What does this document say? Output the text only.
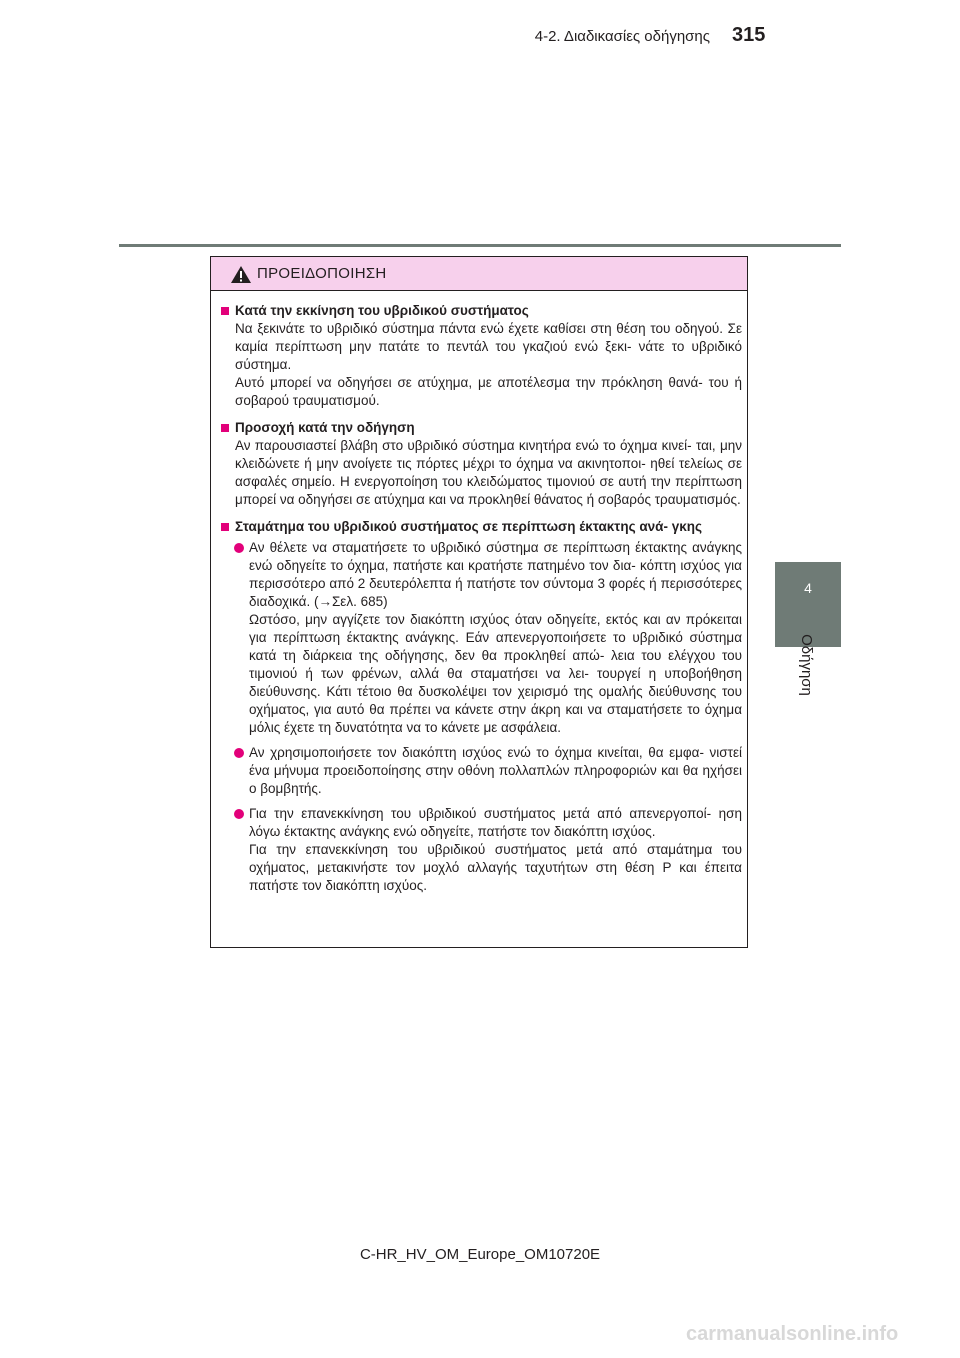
4-2. Διαδικασίες οδήγησης 315
4
Οδήγηση
ΠΡΟΕΙΔΟΠΟΙΗΣΗ
Κατά την εκκίνηση του υβριδικού συστήματος
Να ξεκινάτε το υβριδικό σύστημα πάντα ενώ έχετε καθίσει στη θέση του οδηγού. Σε καμία περίπτωση μην πατάτε το πεντάλ του γκαζιού ενώ ξεκι- νάτε το υβριδικό σύστημα.
Αυτό μπορεί να οδηγήσει σε ατύχημα, με αποτέλεσμα την πρόκληση θανά- του ή σοβαρού τραυματισμού.
Προσοχή κατά την οδήγηση
Αν παρουσιαστεί βλάβη στο υβριδικό σύστημα κινητήρα ενώ το όχημα κινεί- ται, μην κλειδώνετε ή μην ανοίγετε τις πόρτες μέχρι το όχημα να ακινητοποι- ηθεί τελείως σε ασφαλές σημείο. Η ενεργοποίηση του κλειδώματος τιμονιού σε αυτή την περίπτωση μπορεί να οδηγήσει σε ατύχημα και να προκληθεί θάνατος ή σοβαρός τραυματισμός.
Σταμάτημα του υβριδικού συστήματος σε περίπτωση έκτακτης ανά- γκης
Αν θέλετε να σταματήσετε το υβριδικό σύστημα σε περίπτωση έκτακτης ανάγκης ενώ οδηγείτε το όχημα, πατήστε και κρατήστε πατημένο τον δια- κόπτη ισχύος για περισσότερο από 2 δευτερόλεπτα ή πατήστε τον σύντομα 3 φορές ή περισσότερες διαδοχικά. (→Σελ. 685)
Ωστόσο, μην αγγίζετε τον διακόπτη ισχύος όταν οδηγείτε, εκτός και αν πρόκειται για περίπτωση έκτακτης ανάγκης. Εάν απενεργοποιήσετε το υβριδικό σύστημα κατά τη διάρκεια της οδήγησης, δεν θα προκληθεί απώ- λεια του ελέγχου του τιμονιού ή των φρένων, αλλά θα σταματήσει να λει- τουργεί η υποβοήθηση διεύθυνσης. Κάτι τέτοιο θα δυσκολέψει τον χειρισμό της ομαλής διεύθυνσης του οχήματος, για αυτό θα πρέπει να κάνετε στην άκρη και να σταματήσετε το όχημα μόλις έχετε τη δυνατότητα να το κάνετε με ασφάλεια.
Αν χρησιμοποιήσετε τον διακόπτη ισχύος ενώ το όχημα κινείται, θα εμφα- νιστεί ένα μήνυμα προειδοποίησης στην οθόνη πολλαπλών πληροφοριών και θα ηχήσει ο βομβητής.
Για την επανεκκίνηση του υβριδικού συστήματος μετά από απενεργοποί- ηση λόγω έκτακτης ανάγκης ενώ οδηγείτε, πατήστε τον διακόπτη ισχύος.
Για την επανεκκίνηση του υβριδικού συστήματος μετά από σταμάτημα του οχήματος, μετακινήστε τον μοχλό αλλαγής ταχυτήτων στη θέση P και έπειτα πατήστε τον διακόπτη ισχύος.
C-HR_HV_OM_Europe_OM10720E
carmanualsonline.info
